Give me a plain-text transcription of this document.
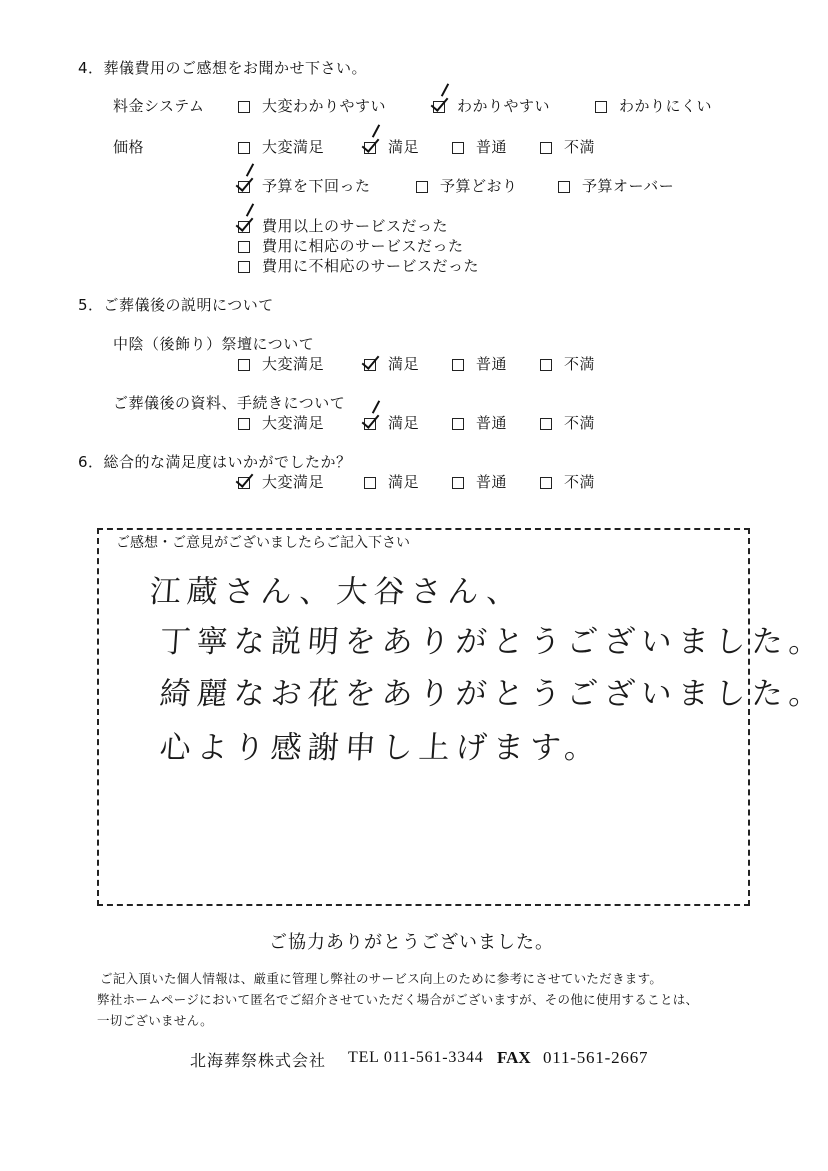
4．葬儀費用のご感想をお聞かせ下さい。
料金システム	大変わかりやすい	わかりやすい	わかりにくい
価格	大変満足	満足	普通	不満
予算を下回った	予算どおり	予算オーバー
費用以上のサービスだった
費用に相応のサービスだった
費用に不相応のサービスだった
5．ご葬儀後の説明について
中陰（後飾り）祭壇について
大変満足	満足	普通	不満
ご葬儀後の資料、手続きについて
大変満足	満足	普通	不満
6．総合的な満足度はいかがでしたか？
大変満足	満足	普通	不満
ご感想・ご意見がございましたらご記入下さい
江蔵さん、大谷さん、
丁寧な説明をありがとうございました。
綺麗なお花をありがとうございました。
心より感謝申し上げます。
ご協力ありがとうございました。
ご記入頂いた個人情報は、厳重に管理し弊社のサービス向上のために参考にさせていただきます。
弊社ホームページにおいて匿名でご紹介させていただく場合がございますが、その他に使用することは、
一切ございません。
北海葬祭株式会社 TEL 011-561-3344 FAX 011-561-2667
